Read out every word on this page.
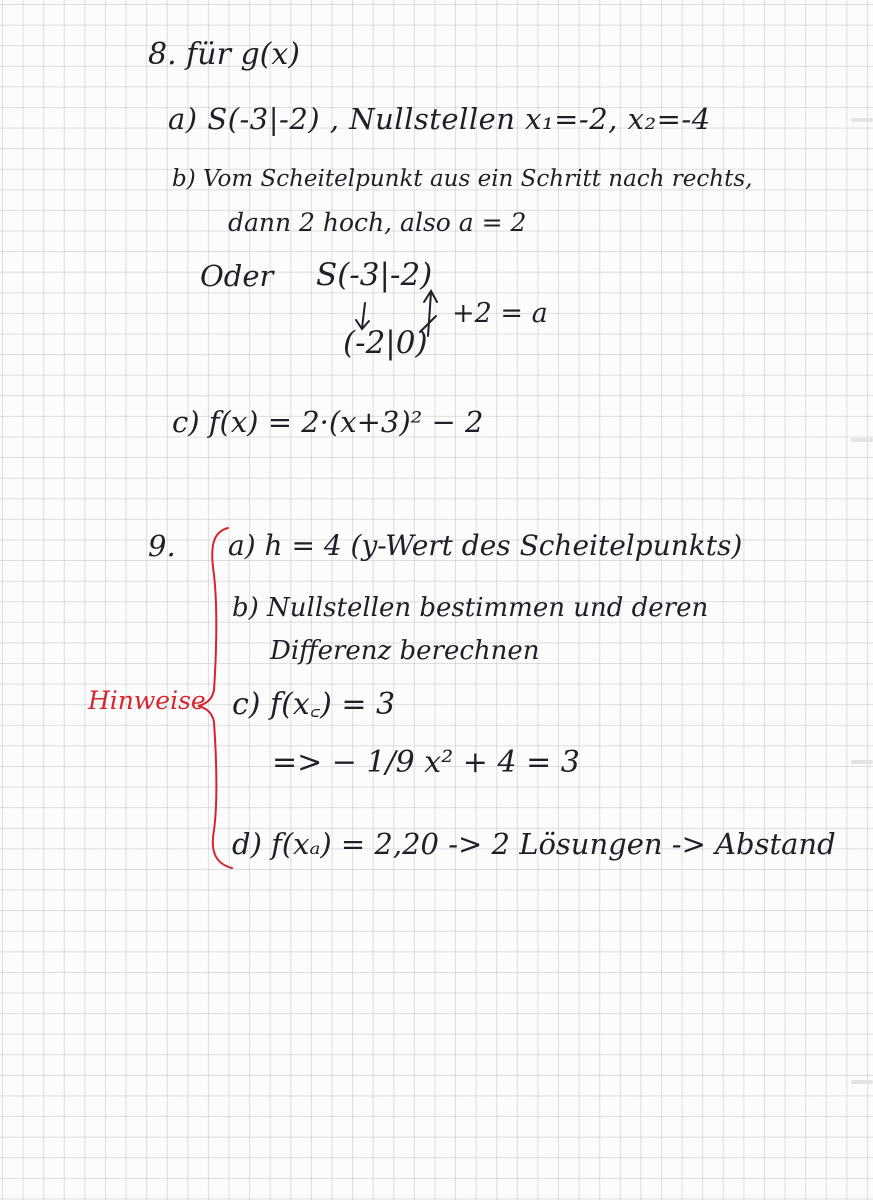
8. für g(x)
a) S(-3|-2) , Nullstellen x₁=-2, x₂=-4
b) Vom Scheitelpunkt aus ein Schritt nach rechts,
dann 2 hoch, also a = 2
Oder S(-3|-2)
+2 = a
(-2|0)
c) f(x) = 2·(x+3)² − 2
9. a) h = 4 (y-Wert des Scheitelpunkts)
b) Nullstellen bestimmen und deren
Differenz berechnen
c) f(x꜀) = 3
=> − 1/9 x² + 4 = 3
d) f(xₐ) = 2,20 -> 2 Lösungen -> Abstand
Hinweise
